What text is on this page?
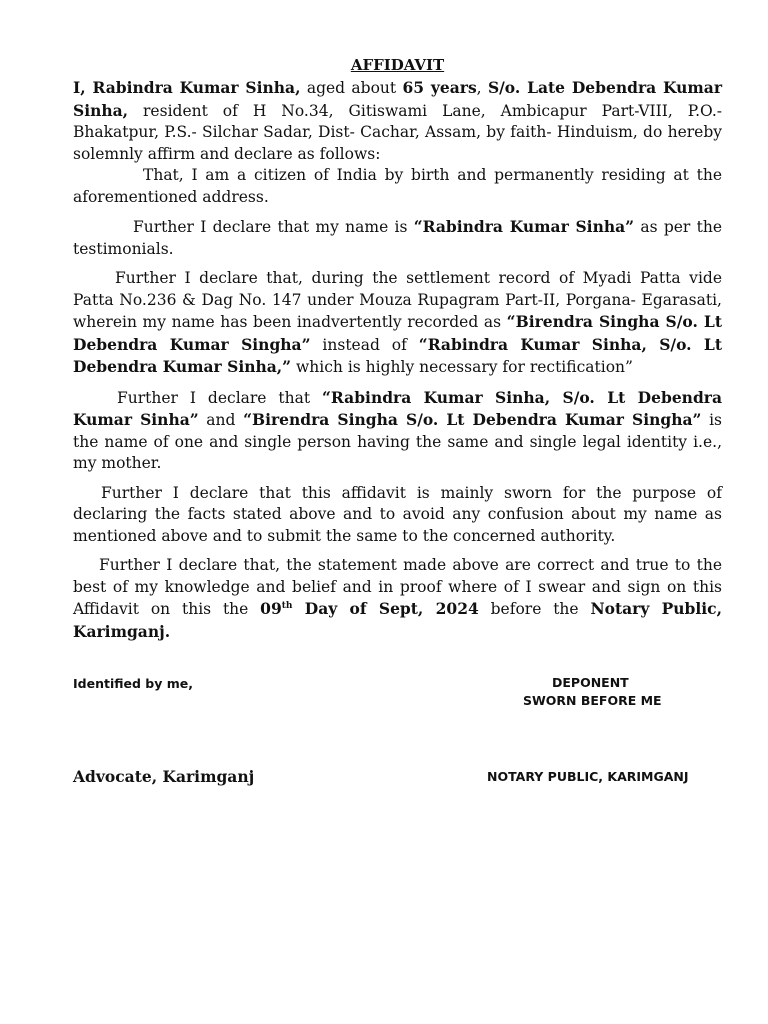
AFFIDAVIT

I, Rabindra Kumar Sinha, aged about 65 years, S/o. Late Debendra Kumar Sinha, resident of H No.34, Gitiswami Lane, Ambicapur Part-VIII, P.O.- Bhakatpur, P.S.- Silchar Sadar, Dist- Cachar, Assam, by faith- Hinduism, do hereby solemnly affirm and declare as follows:

That, I am a citizen of India by birth and permanently residing at the aforementioned address.

Further I declare that my name is “Rabindra Kumar Sinha” as per the testimonials.

Further I declare that, during the settlement record of Myadi Patta vide Patta No.236 & Dag No. 147 under Mouza Rupagram Part-II, Porgana- Egarasati, wherein my name has been inadvertently recorded as “Birendra Singha S/o. Lt Debendra Kumar Singha” instead of “Rabindra Kumar Sinha, S/o. Lt Debendra Kumar Sinha,” which is highly necessary for rectification”

Further I declare that “Rabindra Kumar Sinha, S/o. Lt Debendra Kumar Sinha” and “Birendra Singha S/o. Lt Debendra Kumar Singha” is the name of one and single person having the same and single legal identity i.e., my mother.

Further I declare that this affidavit is mainly sworn for the purpose of declaring the facts stated above and to avoid any confusion about my name as mentioned above and to submit the same to the concerned authority.

Further I declare that, the statement made above are correct and true to the best of my knowledge and belief and in proof where of I swear and sign on this Affidavit on this the 09th Day of Sept, 2024 before the Notary Public, Karimganj.

Identified by me,	DEPONENT
SWORN BEFORE ME
Advocate, Karimganj	NOTARY PUBLIC, KARIMGANJ
